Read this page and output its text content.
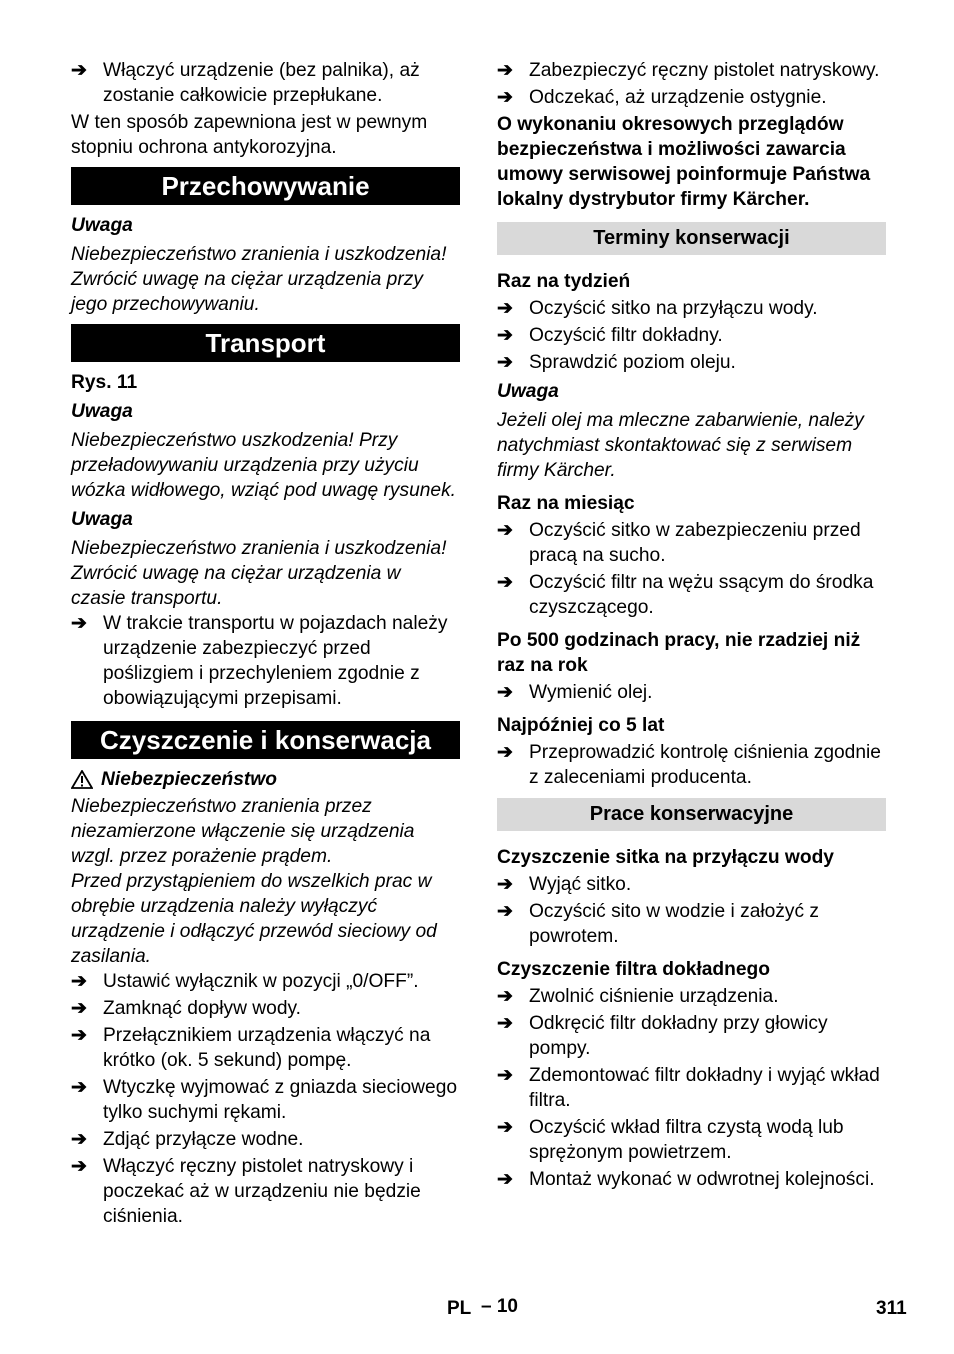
➔ Włączyć urządzenie (bez palnika), aż zostanie całkowicie przepłukane.

W ten sposób zapewniona jest w pewnym stopniu ochrona antykorozyjna.

Przechowywanie

Uwaga

Niebezpieczeństwo zranienia i uszkodzenia! Zwrócić uwagę na ciężar urządzenia przy jego przechowywaniu.

Transport

Rys. 11

Uwaga

Niebezpieczeństwo uszkodzenia! Przy przeładowywaniu urządzenia przy użyciu wózka widłowego, wziąć pod uwagę rysunek.

Uwaga

Niebezpieczeństwo zranienia i uszkodzenia! Zwrócić uwagę na ciężar urządzenia w czasie transportu.

➔ W trakcie transportu w pojazdach należy urządzenie zabezpieczyć przed poślizgiem i przechyleniem zgodnie z obowiązującymi przepisami.
Czyszczenie i konserwacja
Niebezpieczeństwo

Niebezpieczeństwo zranienia przez niezamierzone włączenie się urządzenia wzgl. przez porażenie prądem.

Przed przystąpieniem do wszelkich prac w obrębie urządzenia należy wyłączyć urządzenie i odłączyć przewód sieciowy od zasilania.

➔ Ustawić wyłącznik w pozycji „0/OFF”.
➔ Zamknąć dopływ wody.
➔ Przełącznikiem urządzenia włączyć na krótko (ok. 5 sekund) pompę.
➔ Wtyczkę wyjmować z gniazda sieciowego tylko suchymi rękami.
➔ Zdjąć przyłącze wodne.
➔ Włączyć ręczny pistolet natryskowy i poczekać aż w urządzeniu nie będzie ciśnienia.
➔ Zabezpieczyć ręczny pistolet natryskowy.
➔ Odczekać, aż urządzenie ostygnie.

O wykonaniu okresowych przeglądów bezpieczeństwa i możliwości zawarcia umowy serwisowej poinformuje Państwa lokalny dystrybutor firmy Kärcher.

Terminy konserwacji

Raz na tydzień

➔ Oczyścić sitko na przyłączu wody.
➔ Oczyścić filtr dokładny.
➔ Sprawdzić poziom oleju.

Uwaga

Jeżeli olej ma mleczne zabarwienie, należy natychmiast skontaktować się z serwisem firmy Kärcher.

Raz na miesiąc

➔ Oczyścić sitko w zabezpieczeniu przed pracą na sucho.
➔ Oczyścić filtr na wężu ssącym do środka czyszczącego.

Po 500 godzinach pracy, nie rzadziej niż raz na rok

➔ Wymienić olej.

Najpóźniej co 5 lat

➔ Przeprowadzić kontrolę ciśnienia zgodnie z zaleceniami producenta.
Prace konserwacyjne

Czyszczenie sitka na przyłączu wody

➔ Wyjąć sitko.
➔ Oczyścić sito w wodzie i założyć z powrotem.

Czyszczenie filtra dokładnego

➔ Zwolnić ciśnienie urządzenia.
➔ Odkręcić filtr dokładny przy głowicy pompy.
➔ Zdemontować filtr dokładny i wyjąć wkład filtra.
➔ Oczyścić wkład filtra czystą wodą lub sprężonym powietrzem.
➔ Montaż wykonać w odwrotnej kolejności.
PL – 10	311
